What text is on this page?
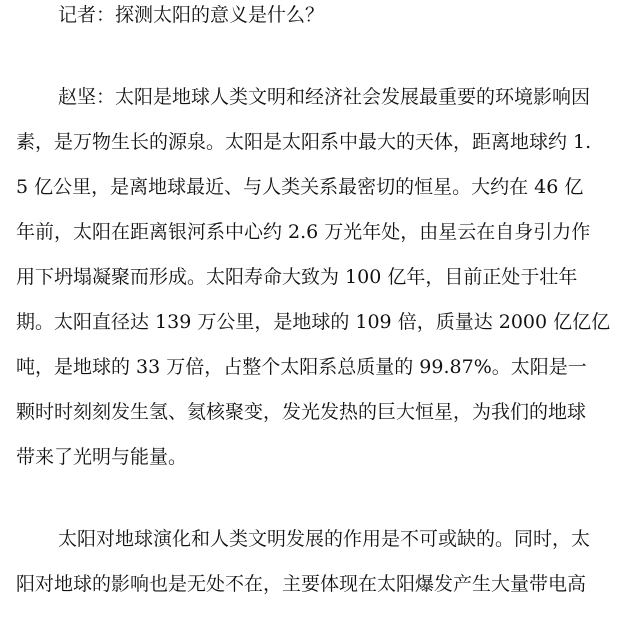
记者：探测太阳的意义是什么？
赵坚：太阳是地球人类文明和经济社会发展最重要的环境影响因
素，是万物生长的源泉。太阳是太阳系中最大的天体，距离地球约 1.
5 亿公里，是离地球最近、与人类关系最密切的恒星。大约在 46 亿
年前，太阳在距离银河系中心约 2.6 万光年处，由星云在自身引力作
用下坍塌凝聚而形成。太阳寿命大致为 100 亿年，目前正处于壮年
期。太阳直径达 139 万公里，是地球的 109 倍，质量达 2000 亿亿亿
吨，是地球的 33 万倍，占整个太阳系总质量的 99.87%。太阳是一
颗时时刻刻发生氢、氦核聚变，发光发热的巨大恒星，为我们的地球
带来了光明与能量。
太阳对地球演化和人类文明发展的作用是不可或缺的。同时，太
阳对地球的影响也是无处不在，主要体现在太阳爆发产生大量带电高
